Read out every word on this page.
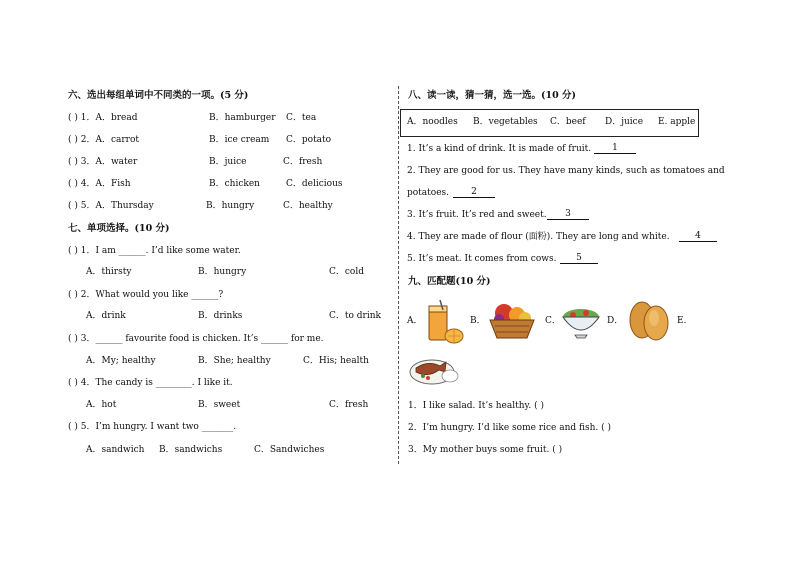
六、选出每组单词中不同类的一项。(5 分)
( ) 1．A．bread	B．hamburger C．tea
( ) 2．A．carrot	B．ice cream C．potato
( ) 3．A．water	B．juice	C．fresh
( ) 4．A．Fish	B．chicken	C．delicious
( ) 5．A．Thursday	B．hungry	C．healthy
七、单项选择。(10 分)
( ) 1．I am ______. I’d like some water.
A．thirsty	B．hungry	C．cold
( ) 2．What would you like ______?
A．drink	B．drinks	C．to drink
( ) 3．______ favourite food is chicken. It’s ______ for me.
A．My; healthy	B．She; healthy	C．His; health
( ) 4．The candy is ________. I like it.
A．hot	B．sweet	C．fresh
( ) 5．I’m hungry. I want two _______.
A．sandwich B．sandwichs	C．Sandwiches
八、读一读，猜一猜，选一选。(10 分)
A．noodles B．vegetables C．beef D．juice E. apple
1. It’s a kind of drink. It is made of fruit.	1
2. They are good for us. They have many kinds, such as tomatoes and
potatoes.	2
3. It’s fruit. It’s red and sweet.	3
4. They are made of flour (面粉). They are long and white.	4
5. It’s meat. It comes from cows.	5
九、匹配题(10 分)
A．	B．	C．	D．	E.
1．I like salad. It’s healthy. ( )
2．I’m hungry. I’d like some rice and fish. ( )
3．My mother buys some fruit. ( )
